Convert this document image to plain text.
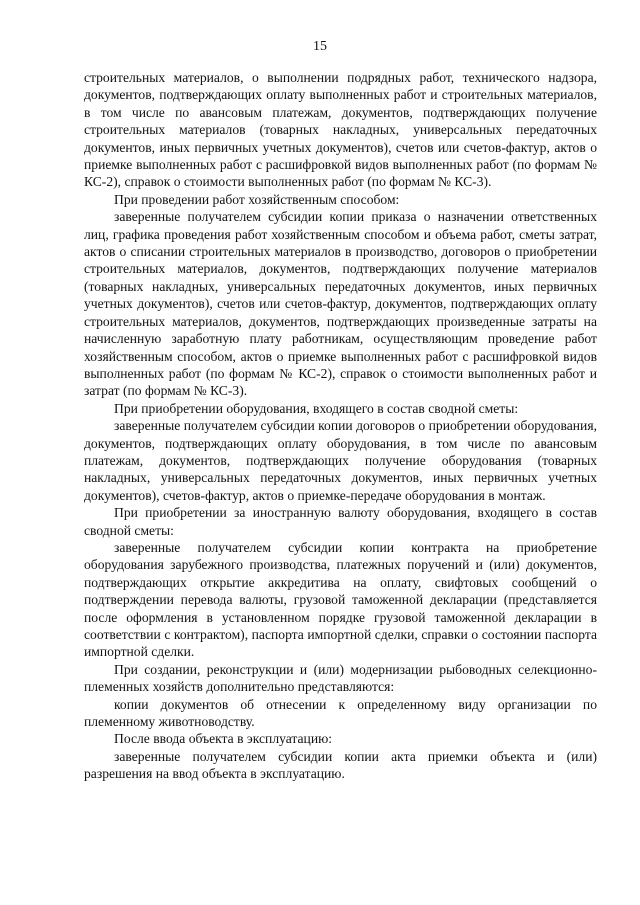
15

строительных материалов, о выполнении подрядных работ, технического надзора, документов, подтверждающих оплату выполненных работ и строительных материалов, в том числе по авансовым платежам, документов, подтверждающих получение строительных материалов (товарных накладных, универсальных передаточных документов, иных первичных учетных документов), счетов или счетов-фактур, актов о приемке выполненных работ с расшифровкой видов выполненных работ (по формам № КС-2), справок о стоимости выполненных работ (по формам № КС-3).

При проведении работ хозяйственным способом:

заверенные получателем субсидии копии приказа о назначении ответственных лиц, графика проведения работ хозяйственным способом и объема работ, сметы затрат, актов о списании строительных материалов в производство, договоров о приобретении строительных материалов, документов, подтверждающих получение материалов (товарных накладных, универсальных передаточных документов, иных первичных учетных документов), счетов или счетов-фактур, документов, подтверждающих оплату строительных материалов, документов, подтверждающих произведенные затраты на начисленную заработную плату работникам, осуществляющим проведение работ хозяйственным способом, актов о приемке выполненных работ с расшифровкой видов выполненных работ (по формам № КС-2), справок о стоимости выполненных работ и затрат (по формам № КС-3).

При приобретении оборудования, входящего в состав сводной сметы:

заверенные получателем субсидии копии договоров о приобретении оборудования, документов, подтверждающих оплату оборудования, в том числе по авансовым платежам, документов, подтверждающих получение оборудования (товарных накладных, универсальных передаточных документов, иных первичных учетных документов), счетов-фактур, актов о приемке-передаче оборудования в монтаж.

При приобретении за иностранную валюту оборудования, входящего в состав сводной сметы:

заверенные получателем субсидии копии контракта на приобретение оборудования зарубежного производства, платежных поручений и (или) документов, подтверждающих открытие аккредитива на оплату, свифтовых сообщений о подтверждении перевода валюты, грузовой таможенной декларации (представляется после оформления в установленном порядке грузовой таможенной декларации в соответствии с контрактом), паспорта импортной сделки, справки о состоянии паспорта импортной сделки.

При создании, реконструкции и (или) модернизации рыбоводных селекционно-племенных хозяйств дополнительно представляются:

копии документов об отнесении к определенному виду организации по племенному животноводству.

После ввода объекта в эксплуатацию:

заверенные получателем субсидии копии акта приемки объекта и (или) разрешения на ввод объекта в эксплуатацию.
